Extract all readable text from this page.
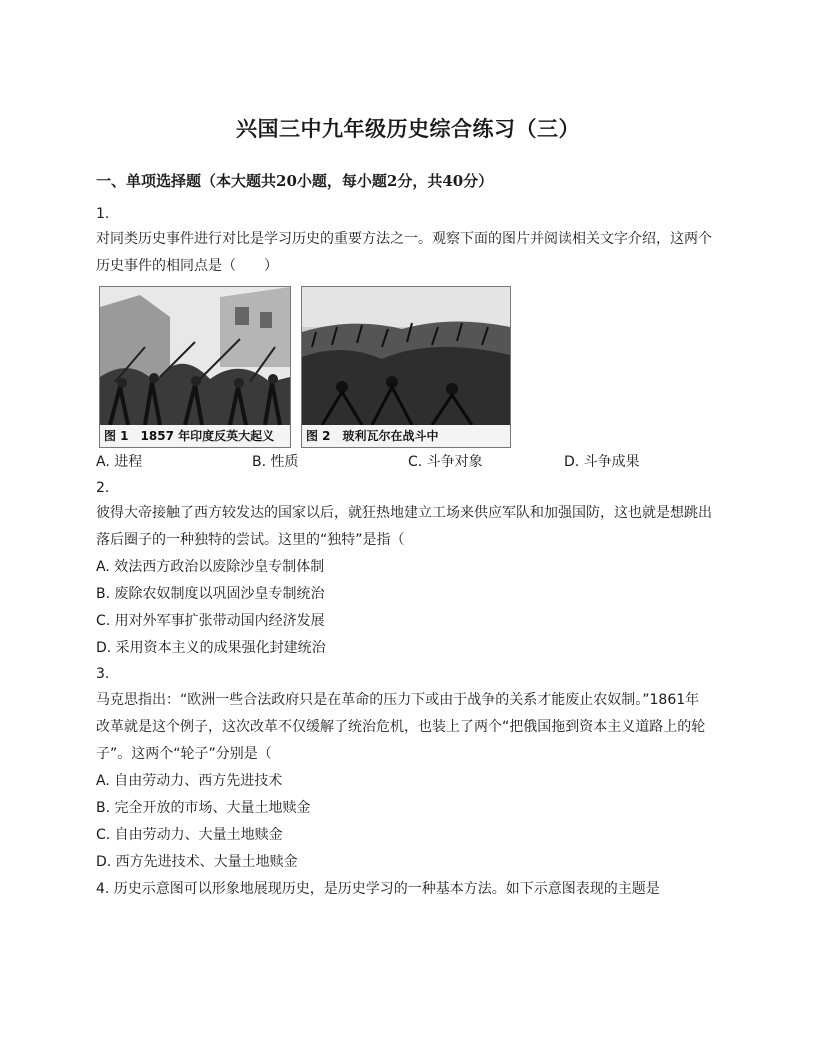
兴国三中九年级历史综合练习（三）
一、单项选择题（本大题共20小题，每小题2分，共40分）
1.
对同类历史事件进行对比是学习历史的重要方法之一。观察下面的图片并阅读相关文字介绍，这两个
历史事件的相同点是（　　）
图 1　1857 年印度反英大起义	图 2　玻利瓦尔在战斗中
A. 进程	B. 性质	C. 斗争对象	D. 斗争成果
2.
彼得大帝接触了西方较发达的国家以后，就狂热地建立工场来供应军队和加强国防，这也就是想跳出
落后圈子的一种独特的尝试。这里的“独特”是指（
A. 效法西方政治以废除沙皇专制体制
B. 废除农奴制度以巩固沙皇专制统治
C. 用对外军事扩张带动国内经济发展
D. 采用资本主义的成果强化封建统治
3.
马克思指出：“欧洲一些合法政府只是在革命的压力下或由于战争的关系才能废止农奴制。”1861年
改革就是这个例子，这次改革不仅缓解了统治危机，也装上了两个“把俄国拖到资本主义道路上的轮
子”。这两个“轮子”分别是（
A. 自由劳动力、西方先进技术
B. 完全开放的市场、大量土地赎金
C. 自由劳动力、大量土地赎金
D. 西方先进技术、大量土地赎金
4. 历史示意图可以形象地展现历史，是历史学习的一种基本方法。如下示意图表现的主题是
